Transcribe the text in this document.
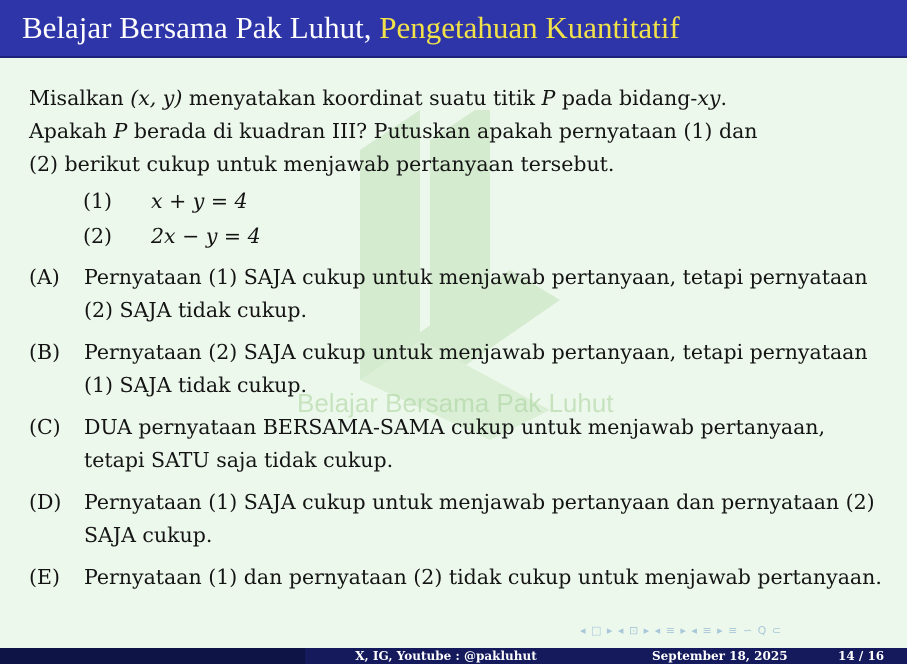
Belajar Bersama Pak Luhut, Pengetahuan Kuantitatif
Belajar Bersama Pak Luhut

Misalkan (x, y) menyatakan koordinat suatu titik P pada bidang-xy.

Apakah P berada di kuadran III? Putuskan apakah pernyataan (1) dan

(2) berikut cukup untuk menjawab pertanyaan tersebut.

(1)	x + y = 4
(2)	2x − y = 4
(A)	Pernyataan (1) SAJA cukup untuk menjawab pertanyaan, tetapi pernyataan (2) SAJA tidak cukup.
(B)	Pernyataan (2) SAJA cukup untuk menjawab pertanyaan, tetapi pernyataan (1) SAJA tidak cukup.
(C)	DUA pernyataan BERSAMA-SAMA cukup untuk menjawab pertanyaan, tetapi SATU saja tidak cukup.
(D)	Pernyataan (1) SAJA cukup untuk menjawab pertanyaan dan pernyataan (2) SAJA cukup.
(E)	Pernyataan (1) dan pernyataan (2) tidak cukup untuk menjawab pertanyaan.
◂ □ ▸ ◂ ⊡ ▸ ◂ ≡ ▸ ◂ ≡ ▸ ≡ ∽ Q ⊂
X, IG, Youtube : @pakluhut	September 18, 2025	14 / 16
